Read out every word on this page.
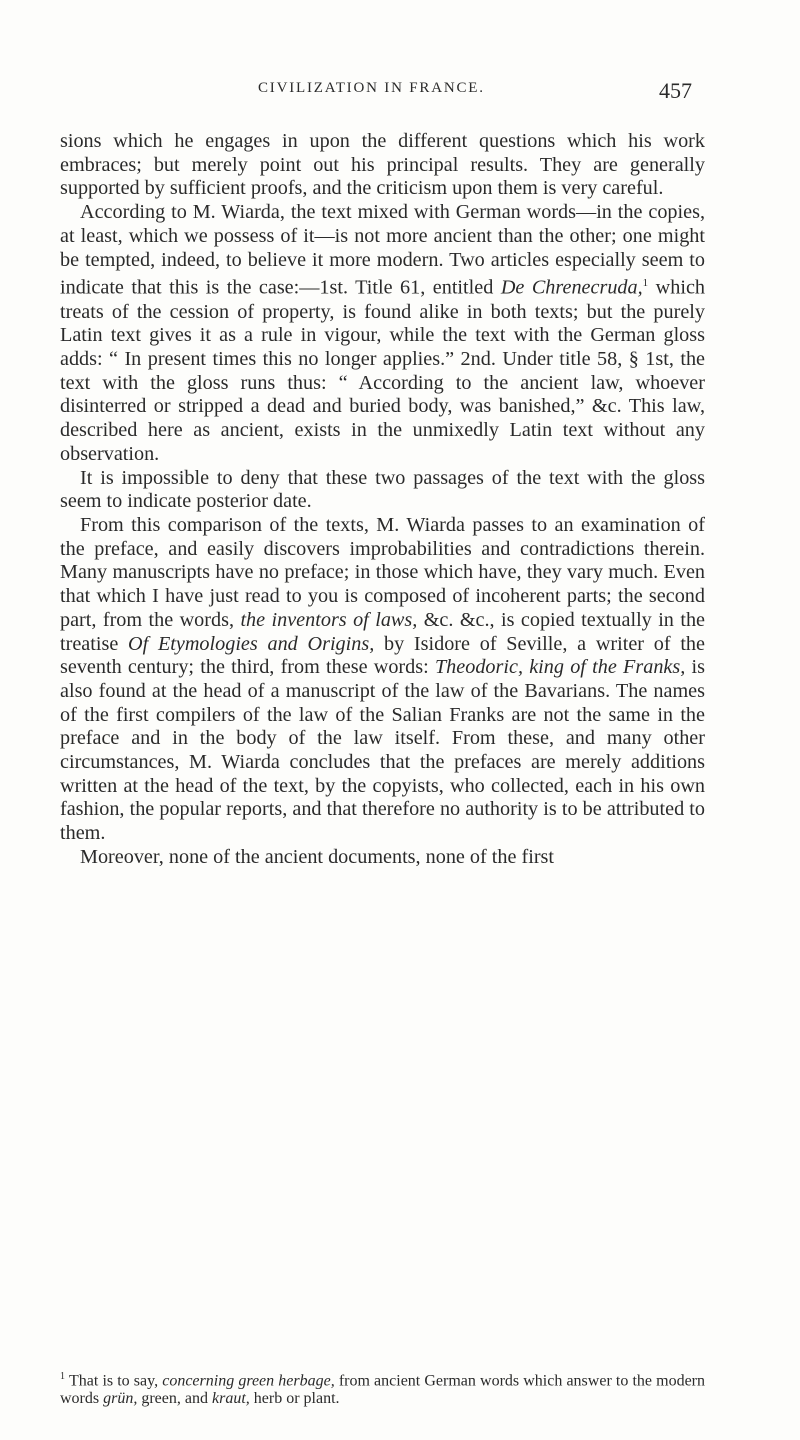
CIVILIZATION IN FRANCE.	457

sions which he engages in upon the different questions which his work embraces; but merely point out his principal results. They are generally supported by sufficient proofs, and the criticism upon them is very careful.

According to M. Wiarda, the text mixed with German words—in the copies, at least, which we possess of it—is not more ancient than the other; one might be tempted, indeed, to believe it more modern. Two articles especially seem to indicate that this is the case:—1st. Title 61, entitled De Chrenecruda,$^1$ which treats of the cession of property, is found alike in both texts; but the purely Latin text gives it as a rule in vigour, while the text with the German gloss adds: “ In present times this no longer applies.” 2nd. Under title 58, § 1st, the text with the gloss runs thus: “ According to the ancient law, whoever disinterred or stripped a dead and buried body, was banished,” &c. This law, described here as ancient, exists in the unmixedly Latin text without any observation.

It is impossible to deny that these two passages of the text with the gloss seem to indicate posterior date.

From this comparison of the texts, M. Wiarda passes to an examination of the preface, and easily discovers improbabilities and contradictions therein. Many manuscripts have no preface; in those which have, they vary much. Even that which I have just read to you is composed of incoherent parts; the second part, from the words, the inventors of laws, &c. &c., is copied textually in the treatise Of Etymologies and Origins, by Isidore of Seville, a writer of the seventh century; the third, from these words: Theodoric, king of the Franks, is also found at the head of a manuscript of the law of the Bavarians. The names of the first compilers of the law of the Salian Franks are not the same in the preface and in the body of the law itself. From these, and many other circumstances, M. Wiarda concludes that the prefaces are merely additions written at the head of the text, by the copyists, who collected, each in his own fashion, the popular reports, and that therefore no authority is to be attributed to them.

Moreover, none of the ancient documents, none of the first

$^1$ That is to say, concerning green herbage, from ancient German words which answer to the modern words grün, green, and kraut, herb or plant.
